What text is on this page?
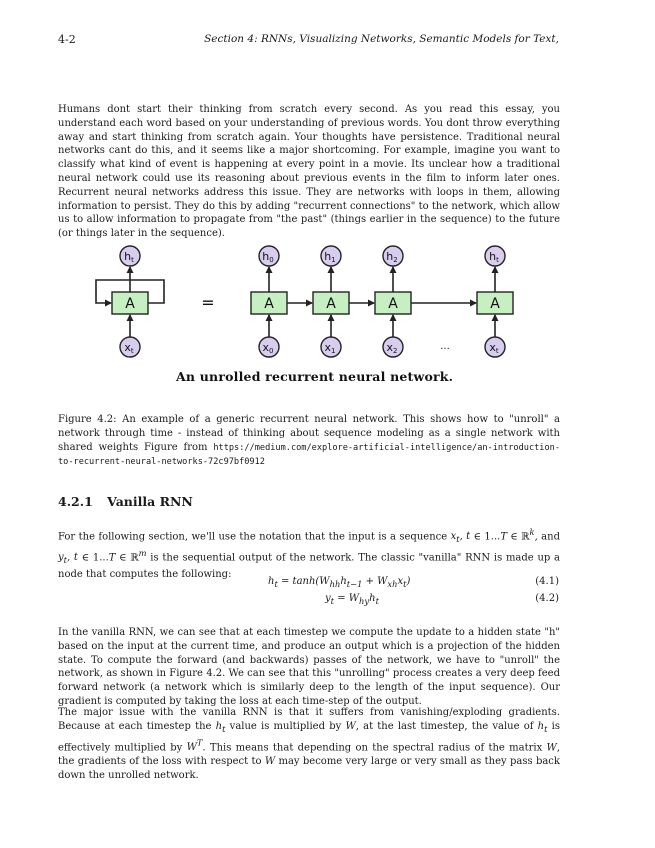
4-2	Section 4: RNNs, Visualizing Networks, Semantic Models for Text,

Humans dont start their thinking from scratch every second. As you read this essay, you understand each word based on your understanding of previous words. You dont throw everything away and start thinking from scratch again. Your thoughts have persistence. Traditional neural networks cant do this, and it seems like a major shortcoming. For example, imagine you want to classify what kind of event is happening at every point in a movie. Its unclear how a traditional neural network could use its reasoning about previous events in the film to inform later ones. Recurrent neural networks address this issue. They are networks with loops in them, allowing information to persist. They do this by adding "recurrent connections" to the network, which allow us to allow information to propagate from "the past" (things earlier in the sequence) to the future (or things later in the sequence).

A
ht
xt
=	A
h0
x0
A
h1
x1
A
h2
x2
A
ht
xt
...
An unrolled recurrent neural network.

Figure 4.2: An example of a generic recurrent neural network. This shows how to "unroll" a network through time - instead of thinking about sequence modeling as a single network with shared weights Figure from https://medium.com/explore-artificial-intelligence/an-introduction-to-recurrent-neural-networks-72c97bf0912

4.2.1 Vanilla RNN

For the following section, we'll use the notation that the input is a sequence $x_t$, t ∈ 1...T ∈ ℝ$^k$, and $y_t$, t ∈ 1...T ∈ ℝ$^m$ is the sequential output of the network. The classic "vanilla" RNN is made up a node that computes the following:

$h_t = \tanh(W_{hh}h_{t-1} + W_{xh}x_t)$	(4.1)
$y_t = W_{hy}h_t$	(4.2)

In the vanilla RNN, we can see that at each timestep we compute the update to a hidden state "h" based on the input at the current time, and produce an output which is a projection of the hidden state. To compute the forward (and backwards) passes of the network, we have to "unroll" the network, as shown in Figure 4.2. We can see that this "unrolling" process creates a very deep feed forward network (a network which is similarly deep to the length of the input sequence). Our gradient is computed by taking the loss at each time-step of the output.

The major issue with the vanilla RNN is that it suffers from vanishing/exploding gradients. Because at each timestep the $h_t$ value is multiplied by W, at the last timestep, the value of $h_t$ is effectively multiplied by $W^T$. This means that depending on the spectral radius of the matrix W, the gradients of the loss with respect to W may become very large or very small as they pass back down the unrolled network.
